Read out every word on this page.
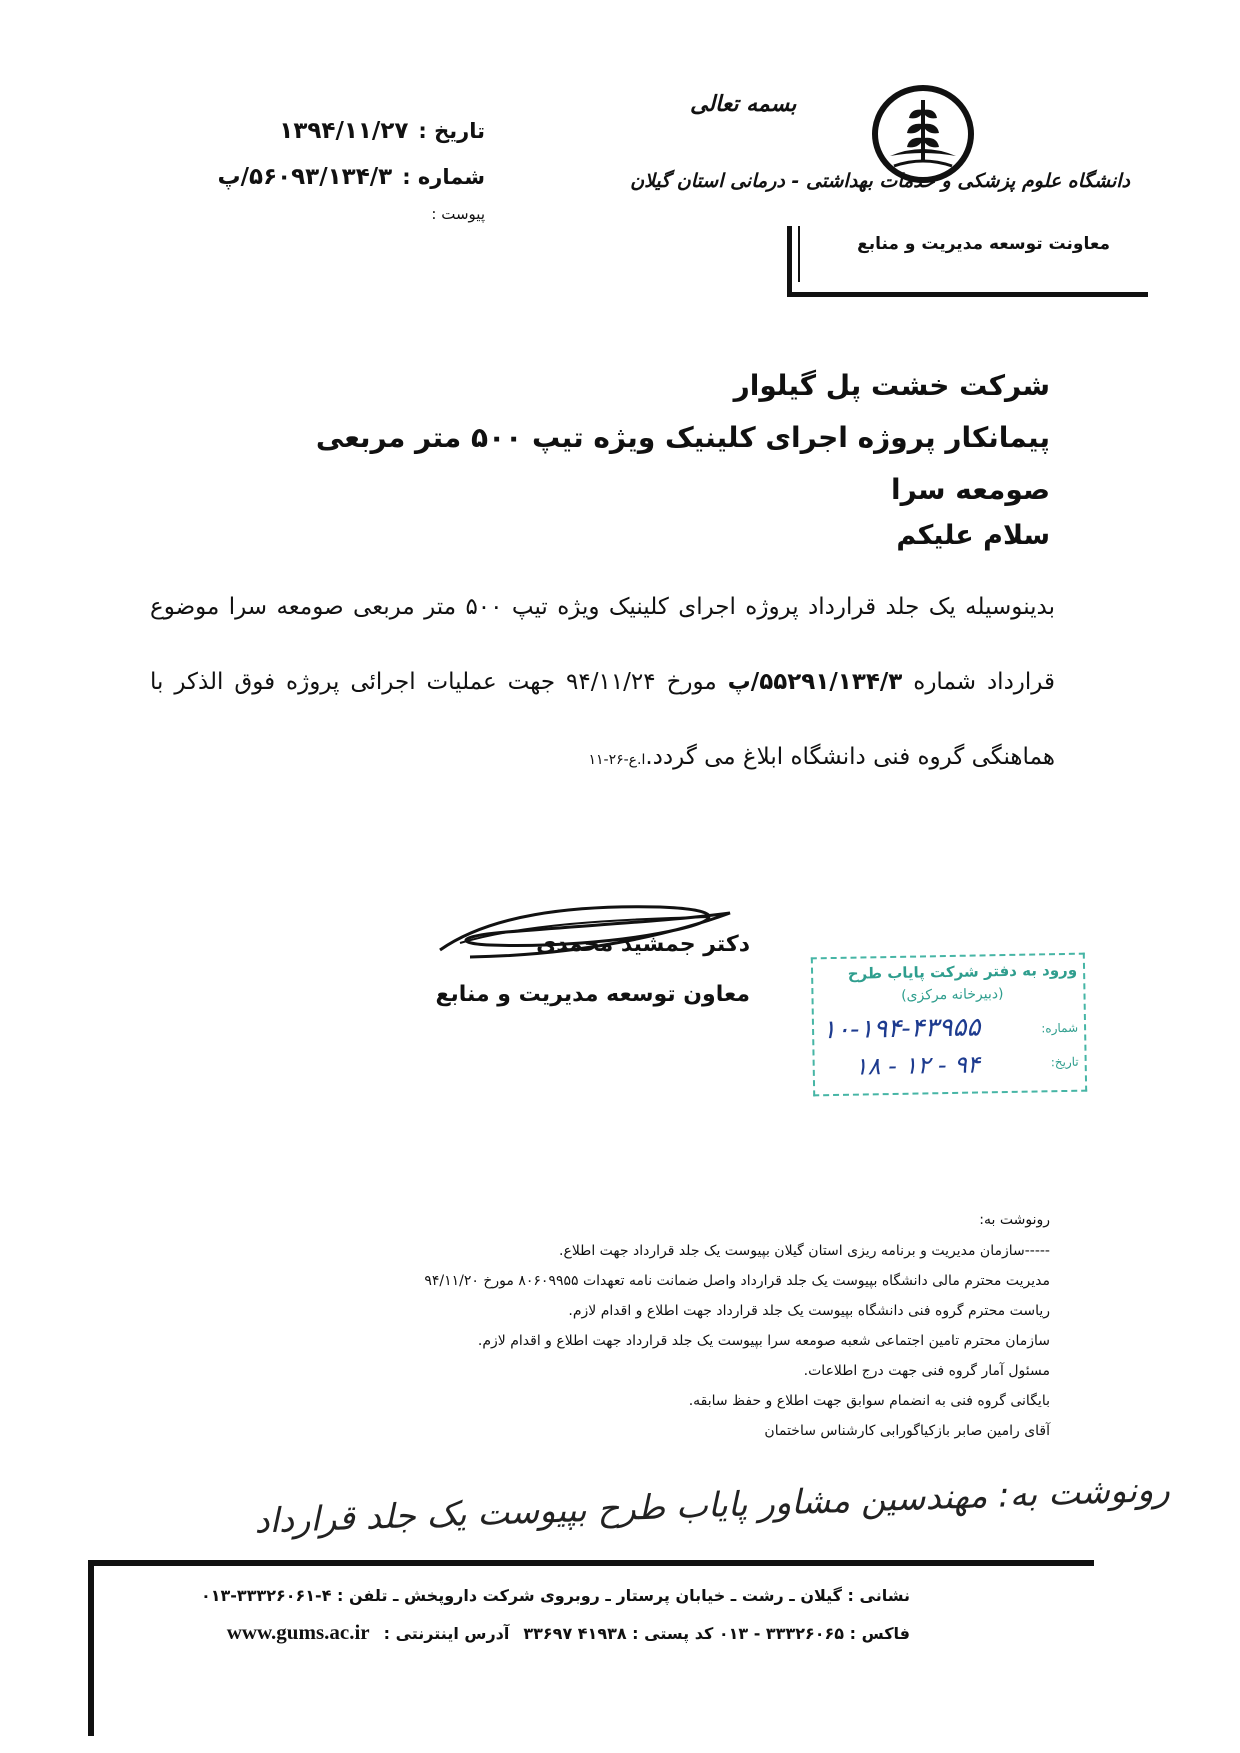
تاریخ :
۱۳۹۴/۱۱/۲۷
شماره :
۵۶۰۹۳/۱۳۴/۳/پ
پیوست :
بسمه تعالی
دانشگاه علوم پزشکی و خدمات بهداشتی - درمانی استان گیلان
معاونت توسعه مدیریت و منابع
شرکت خشت پل گیلوار
پیمانکار پروژه اجرای کلینیک ویژه تیپ ۵۰۰ متر مربعی صومعه سرا
سلام علیکم
بدینوسیله یک جلد قرارداد پروژه اجرای کلینیک ویژه تیپ ۵۰۰ متر مربعی صومعه سرا موضوع قرارداد شماره ۵۵۲۹۱/۱۳۴/۳/پ مورخ ۹۴/۱۱/۲۴ جهت عملیات اجرائی پروژه فوق الذکر با هماهنگی گروه فنی دانشگاه ابلاغ می گردد.ا.ع-۲۶-۱۱
دکتر جمشید محمدی
معاون توسعه مدیریت و منابع
ورود به دفتر شرکت پایاب طرح
(دبیرخانه مرکزی)
شماره:
۱۰-۱۹۴-۴۳۹۵۵
تاریخ:
۹۴ - ۱۲ - ۱۸
رونوشت به:
-----سازمان مدیریت و برنامه ریزی استان گیلان بپیوست یک جلد قرارداد جهت اطلاع.
مدیریت محترم مالی دانشگاه بپیوست یک جلد قرارداد واصل ضمانت نامه تعهدات ۸۰۶۰۹۹۵۵ مورخ ۹۴/۱۱/۲۰
ریاست محترم گروه فنی دانشگاه بپیوست یک جلد قرارداد جهت اطلاع و اقدام لازم.
سازمان محترم تامین اجتماعی شعبه صومعه سرا بپیوست یک جلد قرارداد جهت اطلاع و اقدام لازم.
مسئول آمار گروه فنی جهت درج اطلاعات.
بایگانی گروه فنی به انضمام سوابق جهت اطلاع و حفظ سابقه.
آقای رامین صابر بازکیاگورابی کارشناس ساختمان
رونوشت به: مهندسین مشاور پایاب طرح بپیوست یک جلد قرارداد
نشانی : گیلان ـ رشت ـ خیابان پرستار ـ روبروی شرکت داروپخش ـ تلفن : ۴-۳۳۳۲۶۰۶۱-۰۱۳
فاکس : ۳۳۳۲۶۰۶۵ - ۰۱۳ کد پستی : ۴۱۹۳۸ ۳۳۶۹۷
آدرس اینترنتی :
www.gums.ac.ir
